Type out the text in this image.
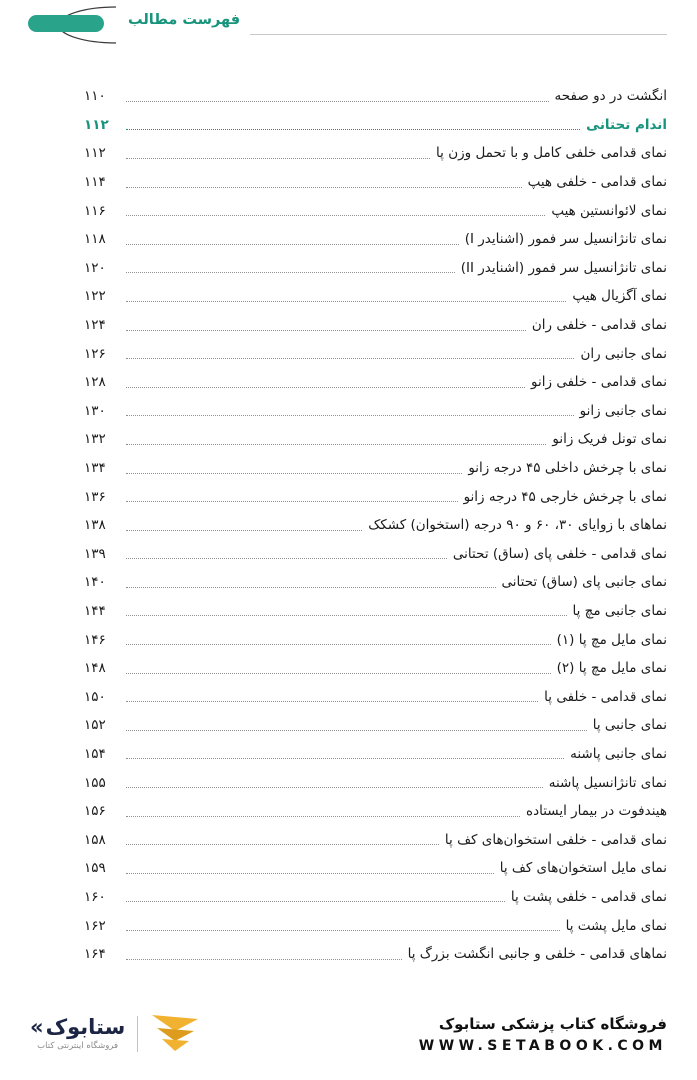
فهرست مطالب
انگشت در دو صفحه
۱۱۰
اندام تحتانی
۱۱۲
نمای قدامی خلفی کامل و با تحمل وزن پا
۱۱۲
نمای قدامی - خلفی هیپ
۱۱۴
نمای لائوانستین هیپ
۱۱۶
نمای تانژانسیل سر فمور (اشنایدر I)
۱۱۸
نمای تانژانسیل سر فمور (اشنایدر II)
۱۲۰
نمای آگزیال هیپ
۱۲۲
نمای قدامی - خلفی ران
۱۲۴
نمای جانبی ران
۱۲۶
نمای قدامی - خلفی زانو
۱۲۸
نمای جانبی زانو
۱۳۰
نمای تونل فریک زانو
۱۳۲
نمای با چرخش داخلی ۴۵ درجه زانو
۱۳۴
نمای با چرخش خارجی ۴۵ درجه زانو
۱۳۶
نماهای با زوایای ۳۰، ۶۰ و ۹۰ درجه (استخوان) کشکک
۱۳۸
نمای قدامی - خلفی پای (ساق) تحتانی
۱۳۹
نمای جانبی پای (ساق) تحتانی
۱۴۰
نمای جانبی مچ پا
۱۴۴
نمای مایل مچ پا (۱)
۱۴۶
نمای مایل مچ پا (۲)
۱۴۸
نمای قدامی - خلفی پا
۱۵۰
نمای جانبی پا
۱۵۲
نمای جانبی پاشنه
۱۵۴
نمای تانژانسیل پاشنه
۱۵۵
هیندفوت در بیمار ایستاده
۱۵۶
نمای قدامی - خلفی استخوان‌های کف پا
۱۵۸
نمای مایل استخوان‌های کف پا
۱۵۹
نمای قدامی - خلفی پشت پا
۱۶۰
نمای مایل پشت پا
۱۶۲
نماهای قدامی - خلفی و جانبی انگشت بزرگ پا
۱۶۴
فروشگاه کتاب پزشکی ستابوک
WWW.SETABOOK.COM
« ستابوک
فروشگاه اینترنتی کتاب
